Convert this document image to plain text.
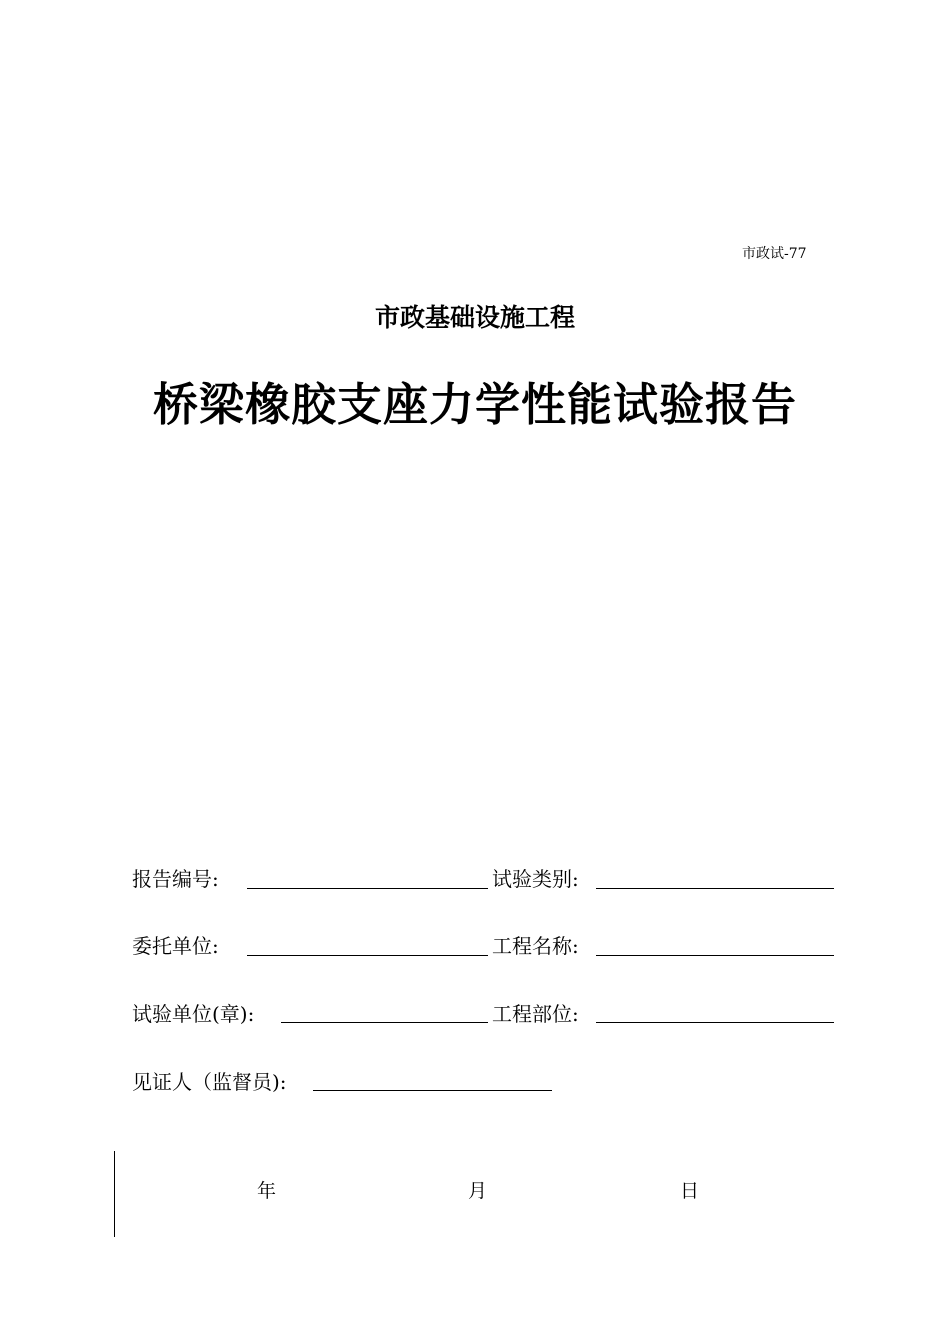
市政试-77
市政基础设施工程
桥梁橡胶支座力学性能试验报告
报告编号:	试验类别:
委托单位:	工程名称:
试验单位(章):	工程部位:
见证人（监督员):
年	月	日
